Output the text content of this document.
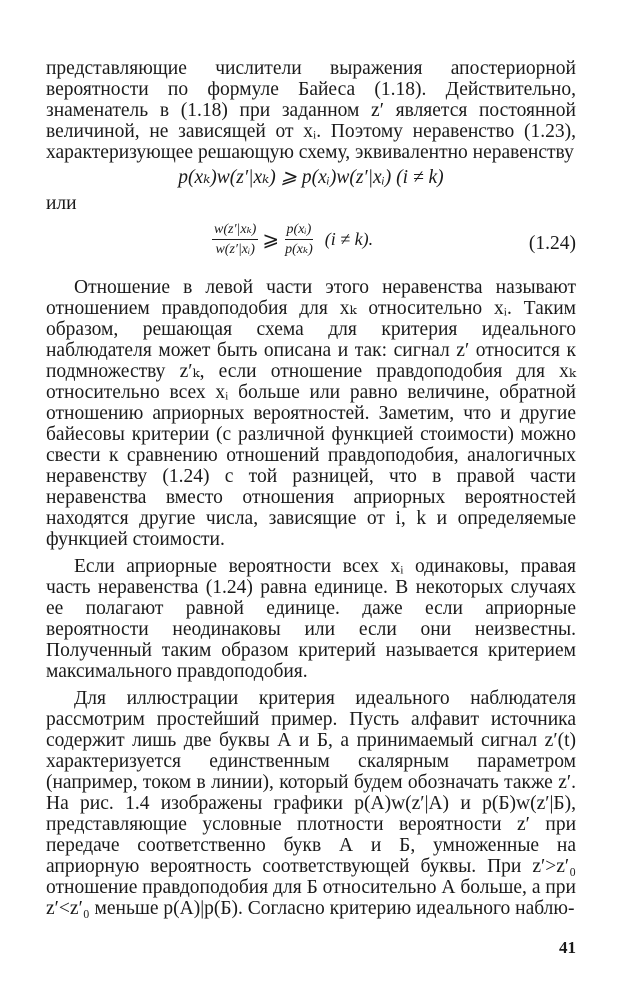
представляющие числители выражения апостериорной вероятности по формуле Байеса (1.18). Действительно, знаменатель в (1.18) при заданном z′ является постоянной величиной, не зависящей от xᵢ. Поэтому неравенство (1.23), характеризующее решающую схему, эквивалентно неравенству

p(xₖ)w(z′|xₖ) ⩾ p(xᵢ)w(z′|xᵢ) (i ≠ k)

или

$\frac{\text{w(z′|xₖ)}}{\text{w(z′|xᵢ)}}$ ⩾ $\frac{\text{p(xᵢ)}}{\text{p(xₖ)}} (i \ne k)$.	(1.24)

Отношение в левой части этого неравенства называют отношением правдоподобия для xₖ относительно xᵢ. Таким образом, решающая схема для критерия идеального наблюдателя может быть описана и так: сигнал z′ относится к подмножеству z′ₖ, если отношение правдоподобия для xₖ относительно всех xᵢ больше или равно величине, обратной отношению априорных вероятностей. Заметим, что и другие байесовы критерии (с различной функцией стоимости) можно свести к сравнению отношений правдоподобия, аналогичных неравенству (1.24) с той разницей, что в правой части неравенства вместо отношения априорных вероятностей находятся другие числа, зависящие от i, k и определяемые функцией стоимости.

Если априорные вероятности всех xᵢ одинаковы, правая часть неравенства (1.24) равна единице. В некоторых случаях ее полагают равной единице. даже если априорные вероятности неодинаковы или если они неизвестны. Полученный таким образом критерий называется критерием максимального правдоподобия.

Для иллюстрации критерия идеального наблюдателя рассмотрим простейший пример. Пусть алфавит источника содержит лишь две буквы А и Б, а принимаемый сигнал z′(t) характеризуется единственным скалярным параметром (например, током в линии), который будем обозначать также z′. На рис. 1.4 изображены графики p(А)w(z′|А) и p(Б)w(z′|Б), представляющие условные плотности вероятности z′ при передаче соответственно букв А и Б, умноженные на априорную вероятность соответствующей буквы. При z′>z′₀ отношение правдоподобия для Б относительно А больше, а при z′<z′₀ меньше p(А)|p(Б). Согласно критерию идеального наблю-

41
